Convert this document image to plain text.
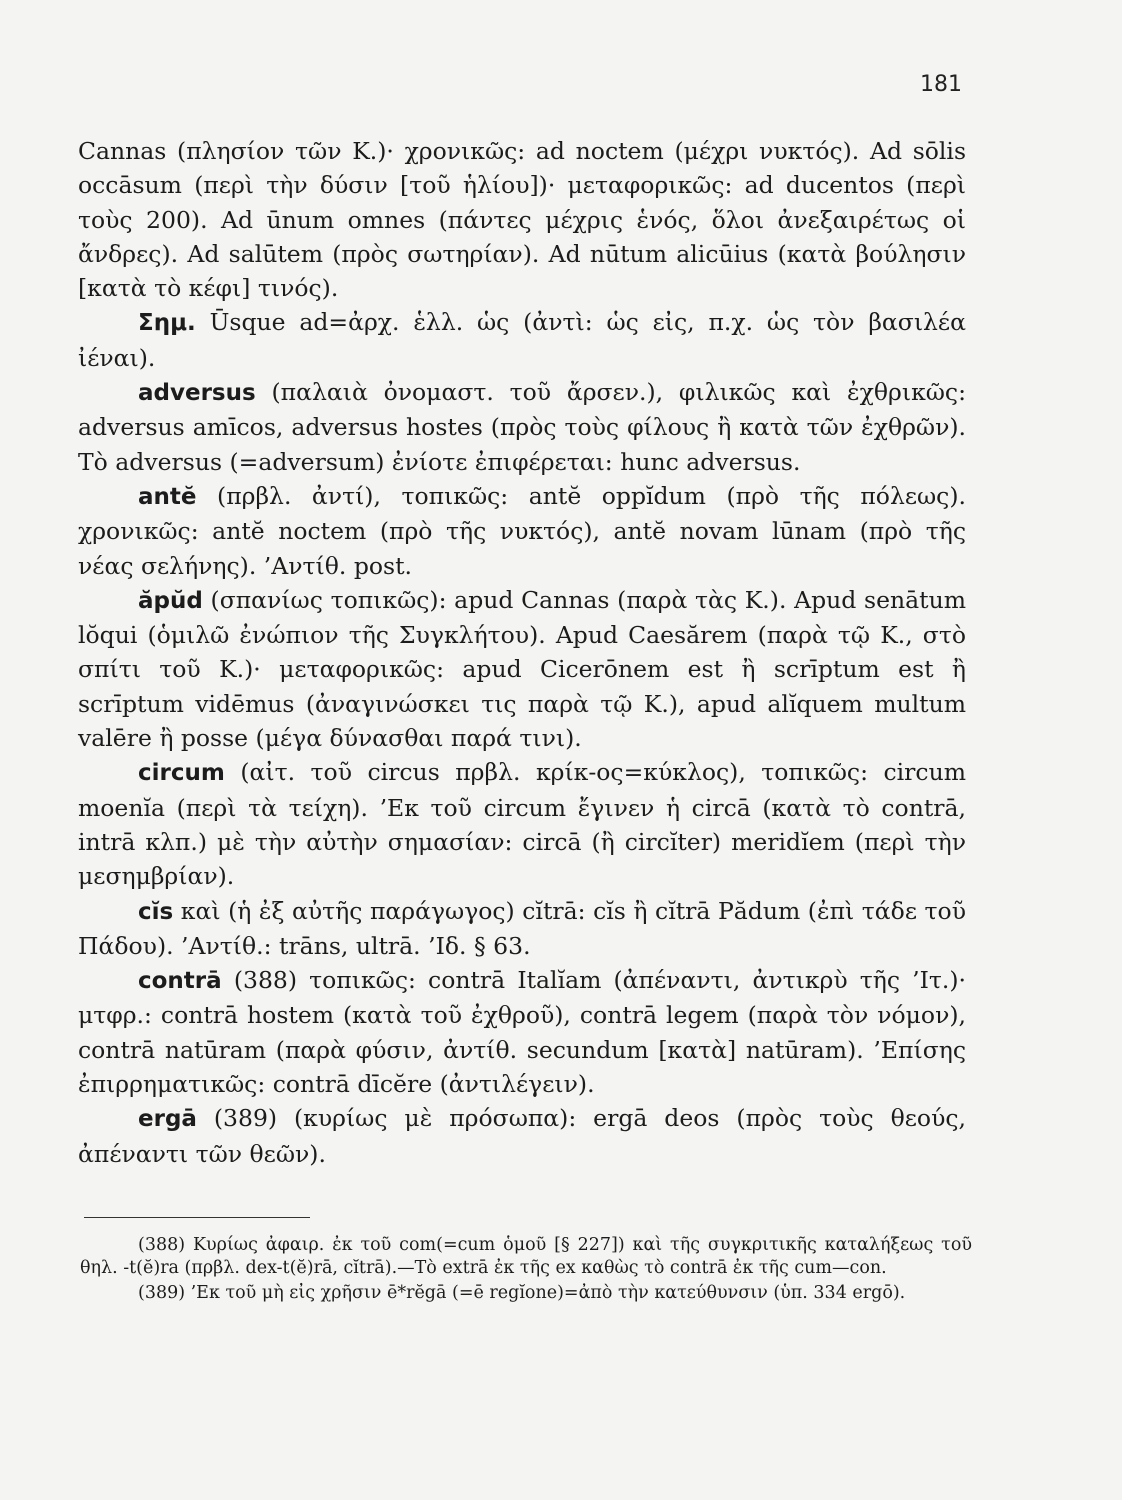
181

Cannas (πλησίον τῶν Κ.)· χρονικῶς: ad noctem (μέχρι νυκτός). Ad sōlis occāsum (περὶ τὴν δύσιν [τοῦ ἡλίου])· μεταφορικῶς: ad ducentos (περὶ τοὺς 200). Ad ūnum omnes (πάντες μέχρις ἑνός, ὅλοι ἀνεξαιρέτως οἱ ἄνδρες). Ad salūtem (πρὸς σωτηρίαν). Ad nūtum alicūius (κατὰ βούλησιν [κατὰ τὸ κέφι] τινός).

Σημ. Ūsque ad=ἀρχ. ἑλλ. ὡς (ἀντὶ: ὡς εἰς, π.χ. ὡς τὸν βασιλέα ἰέναι).

adversus (παλαιὰ ὀνομαστ. τοῦ ἄρσεν.), φιλικῶς καὶ ἐχθρικῶς: adversus amīcos, adversus hostes (πρὸς τοὺς φίλους ἢ κατὰ τῶν ἐχθρῶν). Τὸ adversus (=adversum) ἐνίοτε ἐπιφέρεται: hunc adversus.

antĕ (πρβλ. ἀντί), τοπικῶς: antĕ oppĭdum (πρὸ τῆς πόλεως). χρονικῶς: antĕ noctem (πρὸ τῆς νυκτός), antĕ novam lūnam (πρὸ τῆς νέας σελήνης). ’Αντίθ. post.

ăpŭd (σπανίως τοπικῶς): apud Cannas (παρὰ τὰς Κ.). Apud senātum lŏqui (ὁμιλῶ ἐνώπιον τῆς Συγκλήτου). Apud Caesărem (παρὰ τῷ Κ., στὸ σπίτι τοῦ Κ.)· μεταφορικῶς: apud Cicerōnem est ἢ scrīptum est ἢ scrīptum vidēmus (ἀναγινώσκει τις παρὰ τῷ Κ.), apud alĭquem multum valēre ἢ posse (μέγα δύνασθαι παρά τινι).

circum (αἰτ. τοῦ circus πρβλ. κρίκ-ος=κύκλος), τοπικῶς: circum moenĭa (περὶ τὰ τείχη). ’Εκ τοῦ circum ἔγινεν ἡ circā (κατὰ τὸ contrā, intrā κλπ.) μὲ τὴν αὐτὴν σημασίαν: circā (ἢ circĭter) meridĭem (περὶ τὴν μεσημβρίαν).

cĭs καὶ (ἡ ἐξ αὐτῆς παράγωγος) cĭtrā: cĭs ἢ cĭtrā Pădum (ἐπὶ τάδε τοῦ Πάδου). ’Αντίθ.: trāns, ultrā. ’Ιδ. § 63.

contrā (388) τοπικῶς: contrā Italĭam (ἀπέναντι, ἀντικρὺ τῆς ’Ιτ.)· μτφρ.: contrā hostem (κατὰ τοῦ ἐχθροῦ), contrā legem (παρὰ τὸν νόμον), contrā natūram (παρὰ φύσιν, ἀντίθ. secundum [κατὰ] natūram). ’Επίσης ἐπιρρηματικῶς: contrā dīcĕre (ἀντιλέγειν).

ergā (389) (κυρίως μὲ πρόσωπα): ergā deos (πρὸς τοὺς θεούς, ἀπέναντι τῶν θεῶν).

(388) Κυρίως ἀφαιρ. ἐκ τοῦ com(=cum ὁμοῦ [§ 227]) καὶ τῆς συγκριτικῆς καταλήξεως τοῦ θηλ. -t(ĕ)ra (πρβλ. dex-t(ĕ)rā, cĭtrā).—Τὸ extrā ἐκ τῆς ex καθὼς τὸ contrā ἐκ τῆς cum—con.

(389) ’Εκ τοῦ μὴ εἰς χρῆσιν ē*rĕgā (=ē regĭone)=ἀπὸ τὴν κατεύθυνσιν (ὑπ. 334 ergō).
